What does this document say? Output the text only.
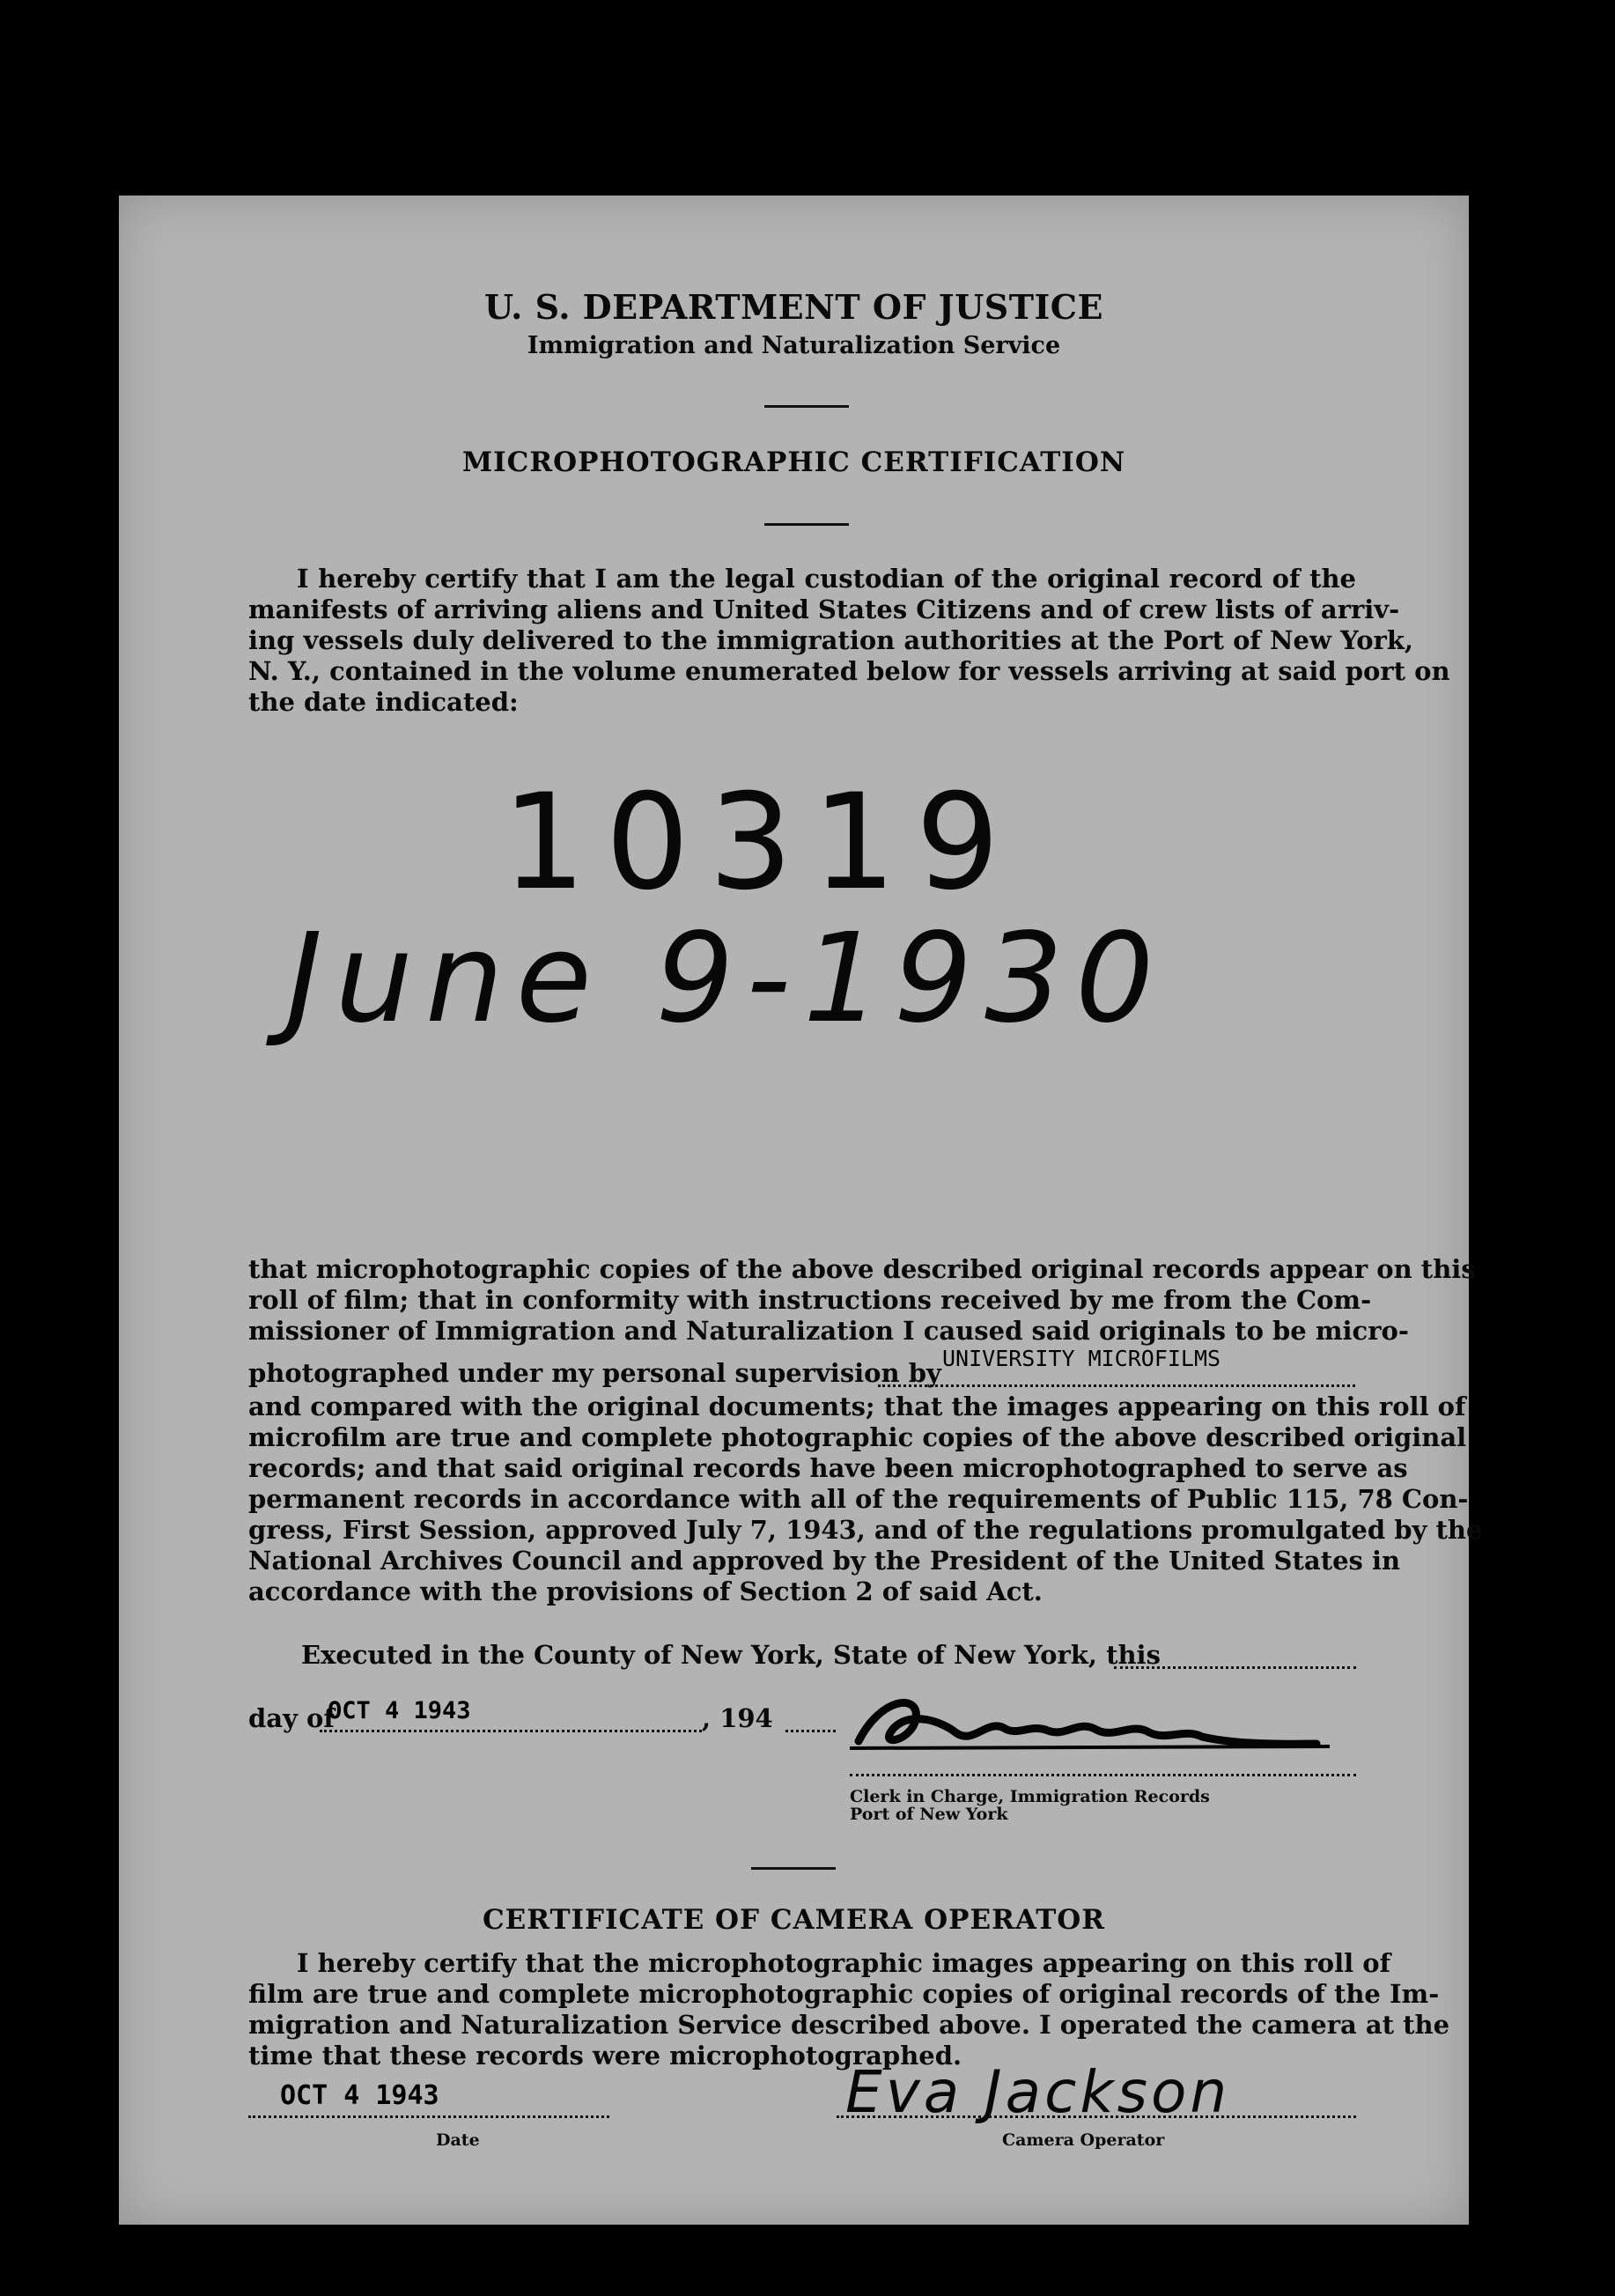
U. S. DEPARTMENT OF JUSTICE
Immigration and Naturalization Service
MICROPHOTOGRAPHIC CERTIFICATION
I hereby certify that I am the legal custodian of the original record of the
manifests of arriving aliens and United States Citizens and of crew lists of arriv-
ing vessels duly delivered to the immigration authorities at the Port of New York,
N. Y., contained in the volume enumerated below for vessels arriving at said port on
the date indicated:
10319
June 9-1930
that microphotographic copies of the above described original records appear on this
roll of film; that in conformity with instructions received by me from the Com-
missioner of Immigration and Naturalization I caused said originals to be micro-
photographed under my personal supervision by UNIVERSITY MICROFILMS
and compared with the original documents; that the images appearing on this roll of
microfilm are true and complete photographic copies of the above described original
records; and that said original records have been microphotographed to serve as
permanent records in accordance with all of the requirements of Public 115, 78 Con-
gress, First Session, approved July 7, 1943, and of the regulations promulgated by the
National Archives Council and approved by the President of the United States in
accordance with the provisions of Section 2 of said Act.
Executed in the County of New York, State of New York, this
day of
OCT 4 1943	, 194
Clerk in Charge, Immigration Records
Port of New York
CERTIFICATE OF CAMERA OPERATOR
I hereby certify that the microphotographic images appearing on this roll of
film are true and complete microphotographic copies of original records of the Im-
migration and Naturalization Service described above. I operated the camera at the
time that these records were microphotographed.
OCT 4 1943
Date
Eva Jackson
Camera Operator
